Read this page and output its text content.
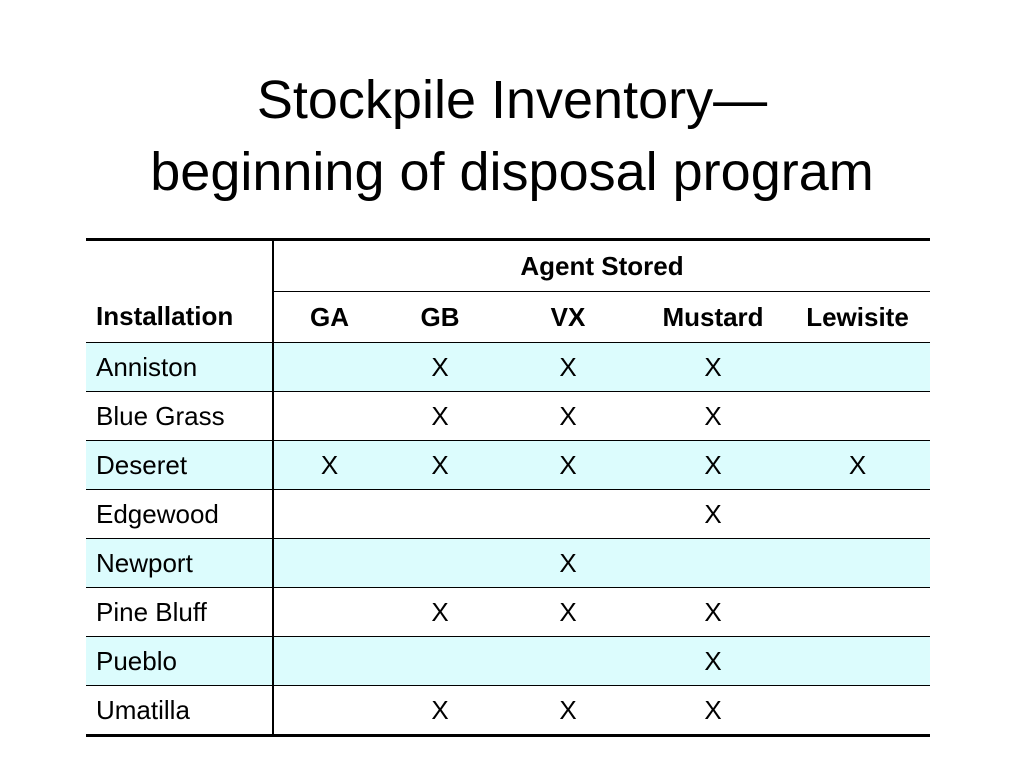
Stockpile Inventory—
beginning of disposal program
	Agent Stored				
Installation	GA	GB	VX	Mustard	Lewisite
Anniston		X	X	X	
Blue Grass		X	X	X	
Deseret	X	X	X	X	X
Edgewood				X	
Newport			X		
Pine Bluff		X	X	X	
Pueblo				X	
Umatilla		X	X	X	
